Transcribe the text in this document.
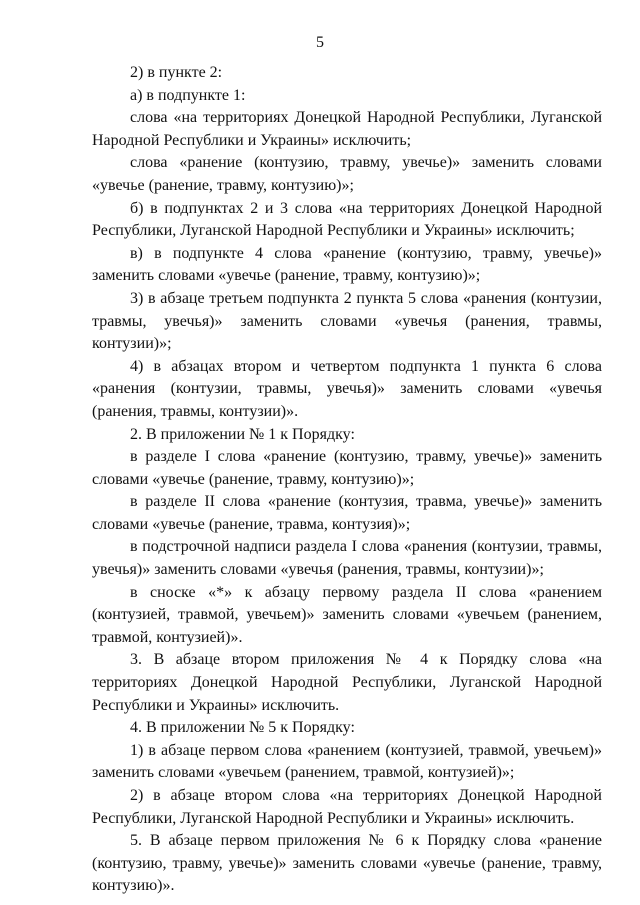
5

2) в пункте 2:

а) в подпункте 1:

слова «на территориях Донецкой Народной Республики, Луганской Народной Республики и Украины» исключить;

слова «ранение (контузию, травму, увечье)» заменить словами «увечье (ранение, травму, контузию)»;

б) в подпунктах 2 и 3 слова «на территориях Донецкой Народной Республики, Луганской Народной Республики и Украины» исключить;

в) в подпункте 4 слова «ранение (контузию, травму, увечье)» заменить словами «увечье (ранение, травму, контузию)»;

3) в абзаце третьем подпункта 2 пункта 5 слова «ранения (контузии, травмы, увечья)» заменить словами «увечья (ранения, травмы, контузии)»;

4) в абзацах втором и четвертом подпункта 1 пункта 6 слова «ранения (контузии, травмы, увечья)» заменить словами «увечья (ранения, травмы, контузии)».

2. В приложении № 1 к Порядку:

в разделе I слова «ранение (контузию, травму, увечье)» заменить словами «увечье (ранение, травму, контузию)»;

в разделе II слова «ранение (контузия, травма, увечье)» заменить словами «увечье (ранение, травма, контузия)»;

в подстрочной надписи раздела I слова «ранения (контузии, травмы, увечья)» заменить словами «увечья (ранения, травмы, контузии)»;

в сноске «*» к абзацу первому раздела II слова «ранением (контузией, травмой, увечьем)» заменить словами «увечьем (ранением, травмой, контузией)».

3. В абзаце втором приложения № 4 к Порядку слова «на территориях Донецкой Народной Республики, Луганской Народной Республики и Украины» исключить.

4. В приложении № 5 к Порядку:

1) в абзаце первом слова «ранением (контузией, травмой, увечьем)» заменить словами «увечьем (ранением, травмой, контузией)»;

2) в абзаце втором слова «на территориях Донецкой Народной Республики, Луганской Народной Республики и Украины» исключить.

5. В абзаце первом приложения № 6 к Порядку слова «ранение (контузию, травму, увечье)» заменить словами «увечье (ранение, травму, контузию)».
